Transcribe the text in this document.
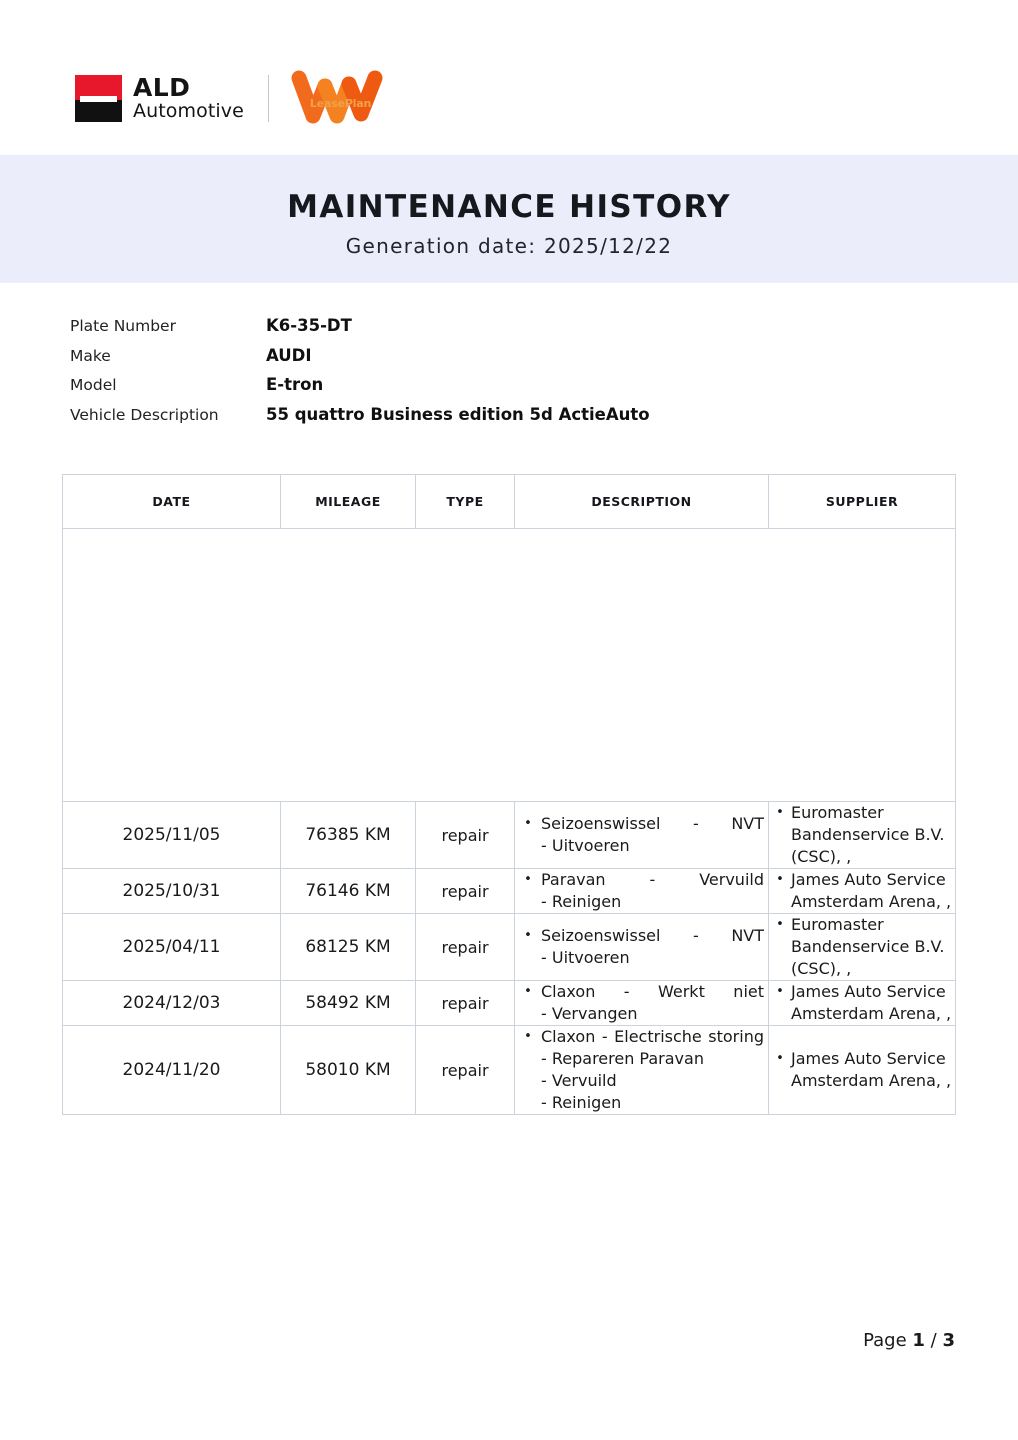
ALD
Automotive	LeasePlan
MAINTENANCE HISTORY

Generation date: 2025/12/22

Plate Number	K6-35-DT
Make	AUDI
Model	E-tron
Vehicle Description	55 quattro Business edition 5d ActieAuto
DATE	MILEAGE	TYPE	DESCRIPTION	SUPPLIER

2025/11/05	76385 KM	repair	• Seizoenswissel - NVT
- Uitvoeren	• Euromaster Bandenservice B.V. (CSC), ,

2025/10/31	76146 KM	repair	• Paravan - Vervuild
- Reinigen	• James Auto Service Amsterdam Arena, ,

2025/04/11	68125 KM	repair	• Seizoenswissel - NVT
- Uitvoeren	• Euromaster Bandenservice B.V. (CSC), ,

2024/12/03	58492 KM	repair	• Claxon - Werkt niet
- Vervangen	• James Auto Service Amsterdam Arena, ,

2024/11/20	58010 KM	repair	• Claxon - Electrische storing
- Repareren Paravan
- Vervuild
- Reinigen	• James Auto Service Amsterdam Arena, ,
Page 1 / 3
